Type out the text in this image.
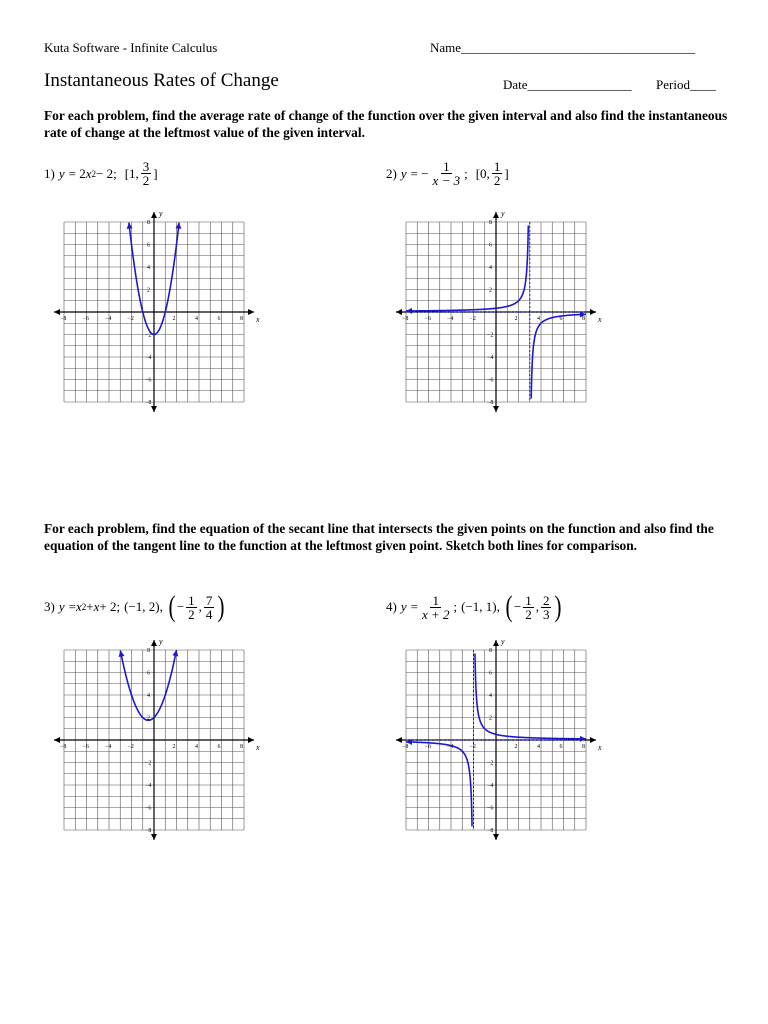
Kuta Software - Infinite Calculus	Name____________________________________
Instantaneous Rates of Change	Date________________ Period____
For each problem, find the average rate of change of the function over the given interval and also find the instantaneous rate of change at the leftmost value of the given interval.
1) y = 2 x 2 − 2; [1, $\frac{3}{2}$ ]	2) y = − $\frac{1}{x - 3}$ ; [0, $\frac{1}{2}$ ]
x
y
−8	−6	−4	−2	2	4	6	8
8
6
4
2
−2
−4
−6
−8
x
y
−8	−6	−4	−2	2	4	6	8
8
6
4
2
−2
−4
−6
−8
For each problem, find the equation of the secant line that intersects the given points on the function and also find the equation of the tangent line to the function at the leftmost given point. Sketch both lines for comparison.
3) y = x 2 + x + 2; (−1, 2), ( − $\frac{1}{2}$ , $\frac{7}{4}$ )	4) $y = \frac{1}{x + 2}$ ; (−1, 1), ( − $\frac{1}{2}$ , $\frac{2}{3}$ )
x
y
−8	−6	−4	−2	2	4	6	8
8
6
4
2
−2
−4
−6
−8
x
y
−8	−6	−4	−2	2	4	6	8
8
6
4
2
−2
−4
−6
−8
